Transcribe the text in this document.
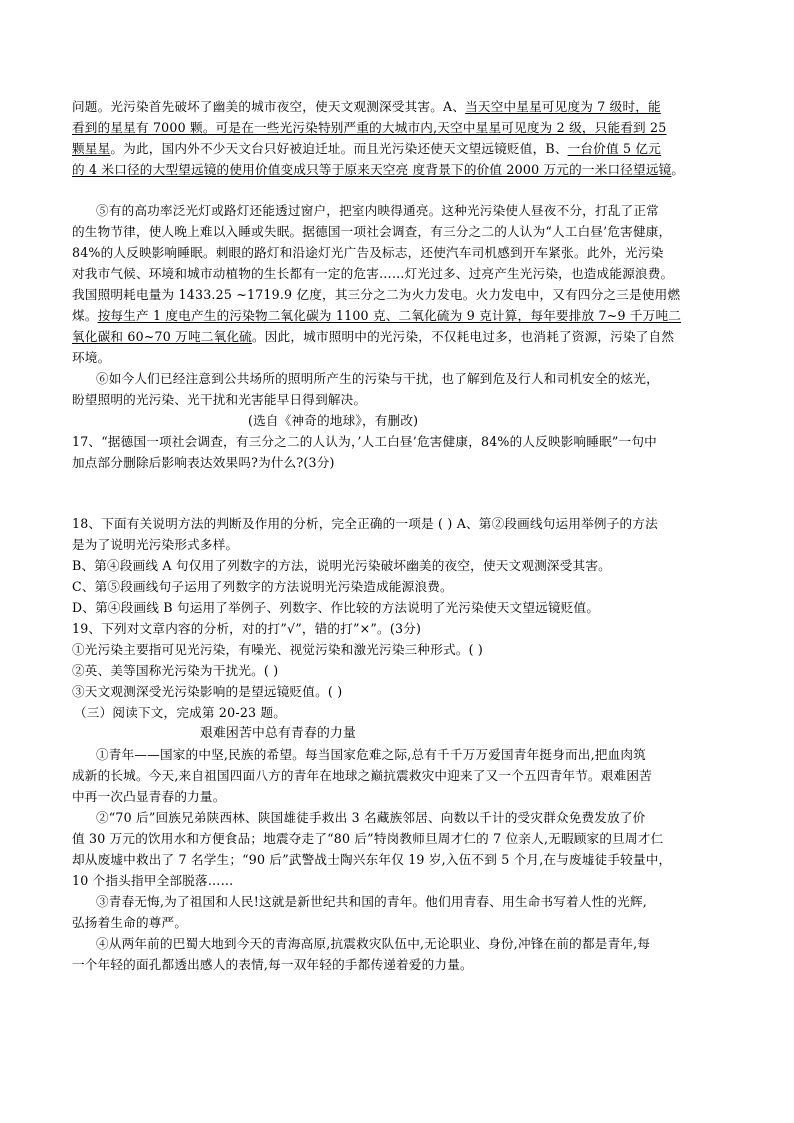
问题。光污染首先破坏了幽美的城市夜空，使天文观测深受其害。A、当天空中星星可见度为 7 级时，能
看到的星星有 7000 颗。可是在一些光污染特别严重的大城市内,天空中星星可见度为 2 级，只能看到 25
颗星星。为此，国内外不少天文台只好被迫迁址。而且光污染还使天文望远镜贬值，B、一台价值 5 亿元
的 4 米口径的大型望远镜的使用价值变成只等于原来天空亮 度背景下的价值 2000 万元的一米口径望远镜。
⑤有的高功率泛光灯或路灯还能透过窗户，把室内映得通亮。这种光污染使人昼夜不分，打乱了正常
的生物节律，使人晚上难以入睡或失眠。据德国一项社会调查，有三分之二的人认为“人工白昼’危害健康，
84%的人反映影响睡眠。刺眼的路灯和沿途灯光广告及标志，还使汽车司机感到开车紧张。此外，光污染
对我市气候、环境和城市动植物的生长都有一定的危害……灯光过多、过亮产生光污染，也造成能源浪费。
我国照明耗电量为 1433.25 ~1719.9 亿度，其三分之二为火力发电。火力发电中，又有四分之三是使用燃
煤。按每生产 1 度电产生的污染物二氧化碳为 1100 克、二氧化硫为 9 克计算，每年要排放 7~9 千万吨二
氧化碳和 60~70 万吨二氧化硫。因此，城市照明中的光污染，不仅耗电过多，也消耗了资源，污染了自然
环境。
⑥如今人们已经注意到公共场所的照明所产生的污染与干扰，也了解到危及行人和司机安全的炫光，
盼望照明的光污染、光干扰和光害能早日得到解决。
(选自《神奇的地球》，有删改)
17、“据德国一项社会调查，有三分之二的人认为，’人工白昼’危害健康，84%的人反映影响睡眠”一句中
加点部分删除后影响表达效果吗?为什么?(3分)
18、下面有关说明方法的判断及作用的分析，完全正确的一项是 ( ) A、第②段画线句运用举例子的方法
是为了说明光污染形式多样。
B、第④段画线 A 句仅用了列数字的方法，说明光污染破坏幽美的夜空，使天文观测深受其害。
C、第⑤段画线句子运用了列数字的方法说明光污染造成能源浪费。
D、第④段画线 B 句运用了举例子、列数字、作比较的方法说明了光污染使天文望远镜贬值。
19、下列对文章内容的分析，对的打”√”，错的打”×”。(3分)
①光污染主要指可见光污染，有噪光、视觉污染和激光污染三种形式。( )
②英、美等国称光污染为干扰光。( )
③天文观测深受光污染影响的是望远镜贬值。( )
（三）阅读下文，完成第 20-23 题。
艰难困苦中总有青春的力量
①青年——国家的中坚,民族的希望。每当国家危难之际,总有千千万万爱国青年挺身而出,把血肉筑
成新的长城。今天,来自祖国四面八方的青年在地球之巅抗震救灾中迎来了又一个五四青年节。艰难困苦
中再一次凸显青春的力量。
②“70 后”回族兄弟陕西林、陕国雄徒手救出 3 名藏族邻居、向数以千计的受灾群众免费发放了价
值 30 万元的饮用水和方便食品；地震夺走了“80 后”特岗教师旦周才仁的 7 位亲人,无暇顾家的旦周才仁
却从废墟中救出了 7 名学生；“90 后”武警战士陶兴东年仅 19 岁,入伍不到 5 个月,在与废墟徒手较量中，
10 个指头指甲全部脱落……
③青春无悔,为了祖国和人民!这就是新世纪共和国的青年。他们用青春、用生命书写着人性的光辉,
弘扬着生命的尊严。
④从两年前的巴蜀大地到今天的青海高原,抗震救灾队伍中,无论职业、身份,冲锋在前的都是青年,每
一个年轻的面孔都透出感人的表情,每一双年轻的手都传递着爱的力量。
